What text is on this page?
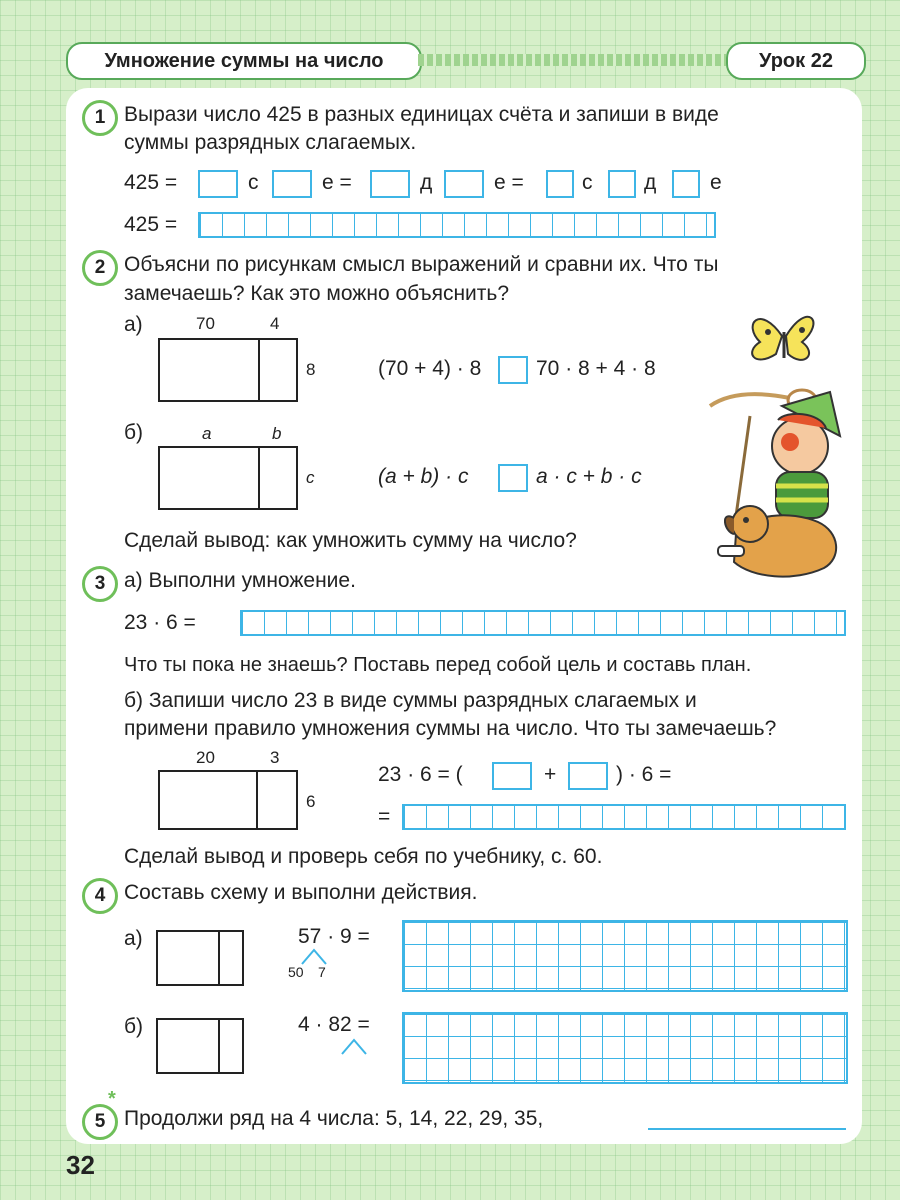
Умножение суммы на число	Урок 22
1 Вырази число 425 в разных единицах счёта и запиши в виде
суммы разрядных слагаемых.
425 =	с	е =	д	е =	с д	е
425 =
2 Объясни по рисункам смысл выражений и сравни их. Что ты
замечаешь? Как это можно объяснить?
а)	70	4
8	(70 + 4) · 8	70 · 8 + 4 · 8
б)	a	b
c	(a + b) · c	a · c + b · c
Сделай вывод: как умножить сумму на число?
3 а) Выполни умножение.
23 · 6 =
Что ты пока не знаешь? Поставь перед собой цель и составь план.
б) Запиши число 23 в виде суммы разрядных слагаемых и
примени правило умножения суммы на число. Что ты замечаешь?
20	3
6
23 · 6 = (	+	) · 6 =
=
Сделай вывод и проверь себя по учебнику, с. 60.
4 Составь схему и выполни действия.
а)	57 · 9 =
50 7
б)	4 · 82 =
5
*
Продолжи ряд на 4 числа: 5, 14, 22, 29, 35,
32
